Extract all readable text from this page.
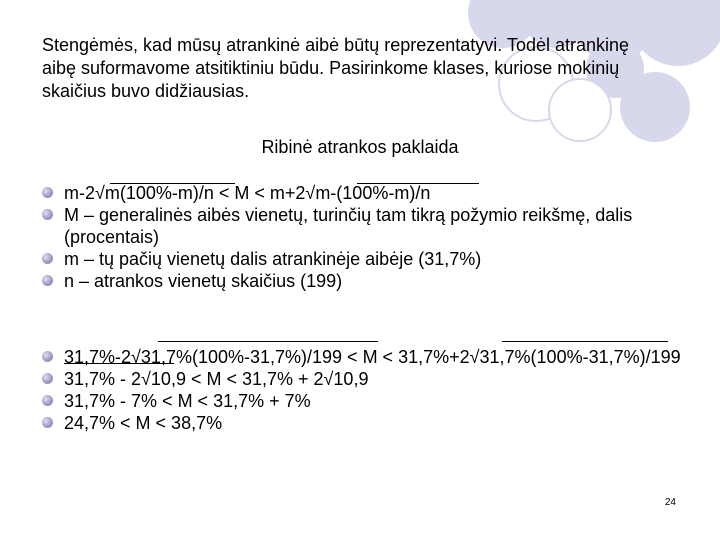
Stengėmės, kad mūsų atrankinė aibė būtų reprezentatyvi. Todėl atrankinę aibę suformavome atsitiktiniu būdu. Pasirinkome klases, kuriose mokinių skaičius buvo didžiausias.
Ribinė atrankos paklaida
m-2√m(100%-m)/n < M < m+2√m-(100%-m)/n
M – generalinės aibės vienetų, turinčių tam tikrą požymio reikšmę, dalis (procentais)
m – tų pačių vienetų dalis atrankinėje aibėje (31,7%)
n – atrankos vienetų skaičius (199)
31,7%-2√31,7%(100%-31,7%)/199 < M < 31,7%+2√31,7%(100%-31,7%)/199
31,7% - 2√10,9 < M < 31,7% + 2√10,9
31,7% - 7% < M < 31,7% + 7%
24,7% < M < 38,7%
24
